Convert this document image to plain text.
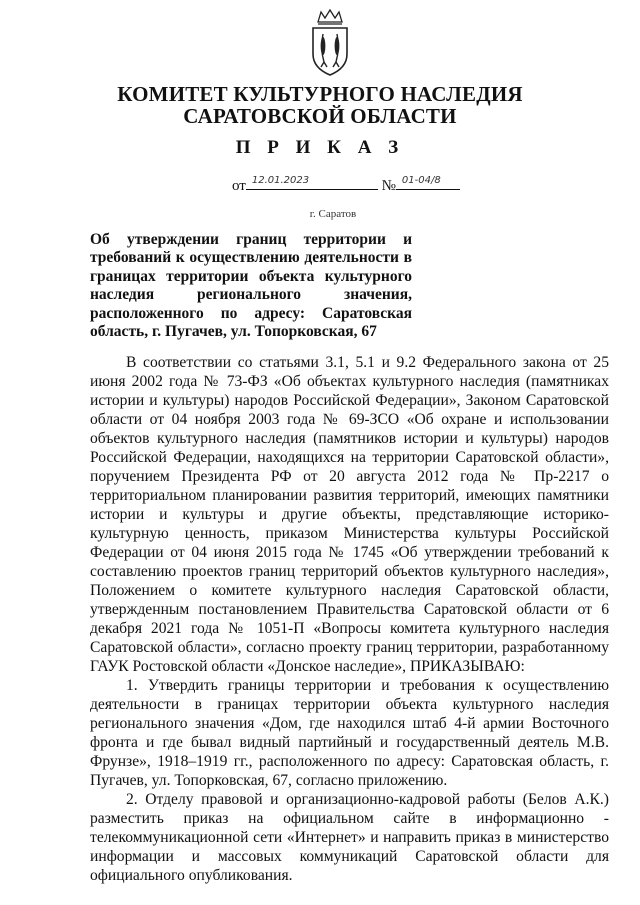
КОМИТЕТ КУЛЬТУРНОГО НАСЛЕДИЯ
САРАТОВСКОЙ ОБЛАСТИ
П Р И К А З
от 12.01.2023	№ 01-04/8
г. Саратов
Об утверждении границ территории и требований к осуществлению деятельности в границах территории объекта культурного наследия регионального значения, расположенного по адресу: Саратовская область, г. Пугачев, ул. Топорковская, 67

В соответствии со статьями 3.1, 5.1 и 9.2 Федерального закона от 25 июня 2002 года № 73-ФЗ «Об объектах культурного наследия (памятниках истории и культуры) народов Российской Федерации», Законом Саратовской области от 04 ноября 2003 года № 69-ЗСО «Об охране и использовании объектов культурного наследия (памятников истории и культуры) народов Российской Федерации, находящихся на территории Саратовской области», поручением Президента РФ от 20 августа 2012 года № Пр-2217 о территориальном планировании развития территорий, имеющих памятники истории и культуры и другие объекты, представляющие историко-культурную ценность, приказом Министерства культуры Российской Федерации от 04 июня 2015 года № 1745 «Об утверждении требований к составлению проектов границ территорий объектов культурного наследия», Положением о комитете культурного наследия Саратовской области, утвержденным постановлением Правительства Саратовской области от 6 декабря 2021 года № 1051-П «Вопросы комитета культурного наследия Саратовской области», согласно проекту границ территории, разработанному ГАУК Ростовской области «Донское наследие», ПРИКАЗЫВАЮ:

1. Утвердить границы территории и требования к осуществлению деятельности в границах территории объекта культурного наследия регионального значения «Дом, где находился штаб 4-й армии Восточного фронта и где бывал видный партийный и государственный деятель М.В. Фрунзе», 1918–1919 гг., расположенного по адресу: Саратовская область, г. Пугачев, ул. Топорковская, 67, согласно приложению.

2. Отделу правовой и организационно-кадровой работы (Белов А.К.) разместить приказ на официальном сайте в информационно - телекоммуникационной сети «Интернет» и направить приказ в министерство информации и массовых коммуникаций Саратовской области для официального опубликования.
